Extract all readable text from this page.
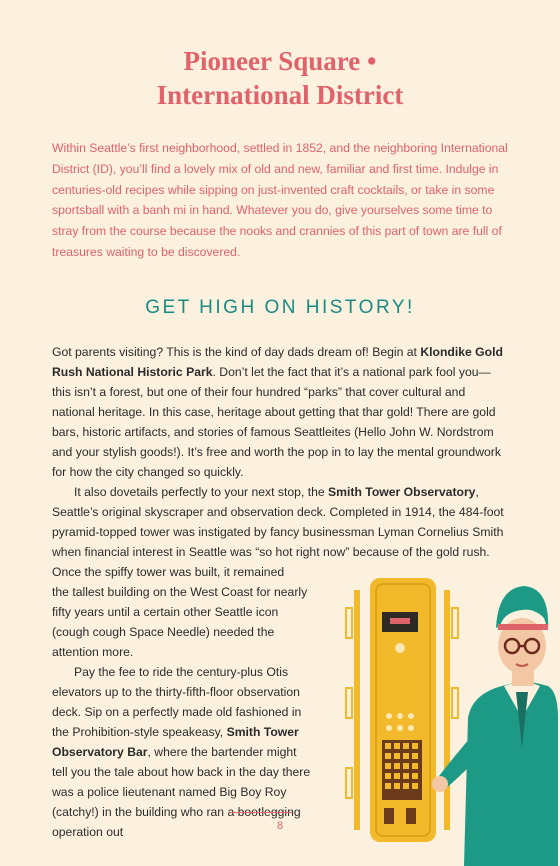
Pioneer Square •
International District
Within Seattle’s first neighborhood, settled in 1852, and the neighboring International District (ID), you’ll find a lovely mix of old and new, familiar and first time. Indulge in centuries-old recipes while sipping on just-invented craft cocktails, or take in some sportsball with a banh mi in hand. Whatever you do, give yourselves some time to stray from the course because the nooks and crannies of this part of town are full of treasures waiting to be discovered.
GET HIGH ON HISTORY!

Got parents visiting? This is the kind of day dads dream of! Begin at Klondike Gold Rush National Historic Park. Don’t let the fact that it’s a national park fool you—this isn’t a forest, but one of their four hundred “parks” that cover cultural and national heritage. In this case, heritage about getting that thar gold! There are gold bars, historic artifacts, and stories of famous Seattleites (Hello John W. Nordstrom and your stylish goods!). It’s free and worth the pop in to lay the mental groundwork for how the city changed so quickly.

It also dovetails perfectly to your next stop, the Smith Tower Observatory, Seattle’s original skyscraper and observation deck. Completed in 1914, the 484-foot pyramid-topped tower was instigated by fancy businessman Lyman Cornelius Smith when financial interest in Seattle was “so hot right now” because of the gold rush. Once the spiffy tower was built, it remained

the tallest building on the West Coast for nearly fifty years until a certain other Seattle icon (cough cough Space Needle) needed the attention more.

Pay the fee to ride the century-plus Otis elevators up to the thirty-fifth-floor observation deck. Sip on a perfectly made old fashioned in the Prohibition-style speakeasy, Smith Tower Observatory Bar, where the bartender might tell you the tale about how back in the day there was a police lieutenant named Big Boy Roy (catchy!) in the building who ran a bootlegging operation out	8
